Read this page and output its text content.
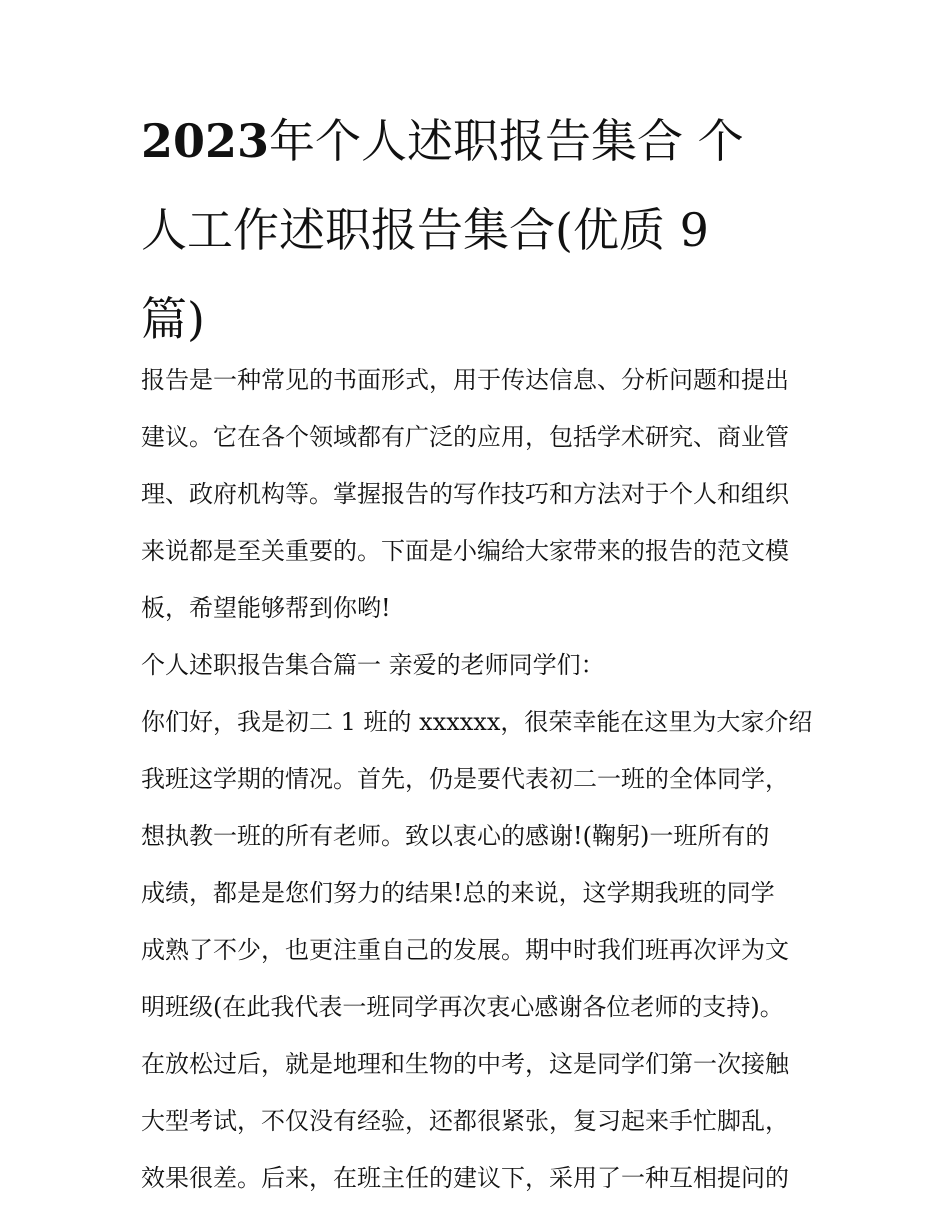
2023年个人述职报告集合 个
人工作述职报告集合(优质 9
篇)
报告是一种常见的书面形式，用于传达信息、分析问题和提出
建议。它在各个领域都有广泛的应用，包括学术研究、商业管
理、政府机构等。掌握报告的写作技巧和方法对于个人和组织
来说都是至关重要的。下面是小编给大家带来的报告的范文模
板，希望能够帮到你哟!
个人述职报告集合篇一 亲爱的老师同学们：
你们好，我是初二 1 班的 xxxxxx，很荣幸能在这里为大家介绍
我班这学期的情况。首先，仍是要代表初二一班的全体同学，
想执教一班的所有老师。致以衷心的感谢!(鞠躬)一班所有的
成绩，都是是您们努力的结果!总的来说，这学期我班的同学
成熟了不少，也更注重自己的发展。期中时我们班再次评为文
明班级(在此我代表一班同学再次衷心感谢各位老师的支持)。
在放松过后，就是地理和生物的中考，这是同学们第一次接触
大型考试，不仅没有经验，还都很紧张，复习起来手忙脚乱，
效果很差。后来，在班主任的建议下，采用了一种互相提问的
